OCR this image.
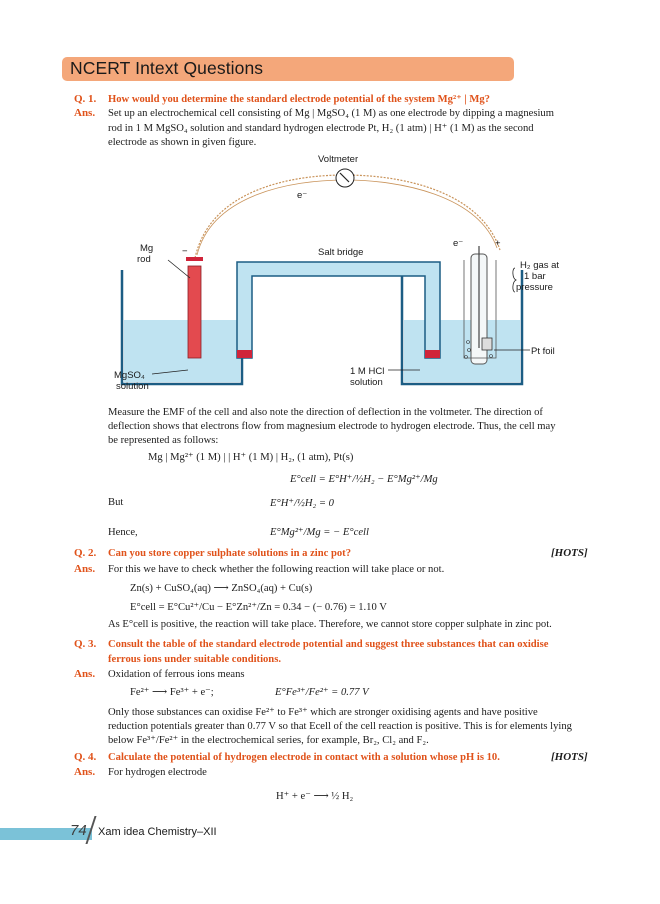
NCERT Intext Questions
Q. 1. How would you determine the standard electrode potential of the system Mg²⁺ | Mg?
Ans. Set up an electrochemical cell consisting of Mg | MgSO₄ (1 M) as one electrode by dipping a magnesium
rod in 1 M MgSO₄ solution and standard hydrogen electrode Pt, H₂ (1 atm) | H⁺ (1 M) as the second
electrode as shown in given figure.
Voltmeter
e⁻
e⁻
−
+
Salt bridge
Mg
rod
H₂ gas at
1 bar
pressure
Pt foil
MgSO₄
solution
1 M HCl
solution
Measure the EMF of the cell and also note the direction of deflection in the voltmeter. The direction of
deflection shows that electrons flow from magnesium electrode to hydrogen electrode. Thus, the cell may
be represented as follows:
Mg | Mg²⁺ (1 M) | | H⁺ (1 M) | H₂, (1 atm), Pt(s)
E°cell = E°H⁺/½H₂ − E°Mg²⁺/Mg
But	E°H⁺/½H₂ = 0
Hence,	E°Mg²⁺/Mg = − E°cell
Q. 2. Can you store copper sulphate solutions in a zinc pot?	[HOTS]
Ans. For this we have to check whether the following reaction will take place or not.
Zn(s) + CuSO₄(aq) ⟶ ZnSO₄(aq) + Cu(s)
E°cell = E°Cu²⁺/Cu − E°Zn²⁺/Zn = 0.34 − (− 0.76) = 1.10 V
As E°cell is positive, the reaction will take place. Therefore, we cannot store copper sulphate in zinc pot.
Q. 3. Consult the table of the standard electrode potential and suggest three substances that can oxidise
ferrous ions under suitable conditions.
Ans. Oxidation of ferrous ions means
Fe²⁺ ⟶ Fe³⁺ + e⁻;	E°Fe³⁺/Fe²⁺ = 0.77 V
Only those substances can oxidise Fe²⁺ to Fe³⁺ which are stronger oxidising agents and have positive
reduction potentials greater than 0.77 V so that Ecell of the cell reaction is positive. This is for elements lying
below Fe³⁺/Fe²⁺ in the electrochemical series, for example, Br₂, Cl₂ and F₂.
Q. 4. Calculate the potential of hydrogen electrode in contact with a solution whose pH is 10.	[HOTS]
Ans. For hydrogen electrode
H⁺ + e⁻ ⟶ ½ H₂
74 Xam idea Chemistry–XII
